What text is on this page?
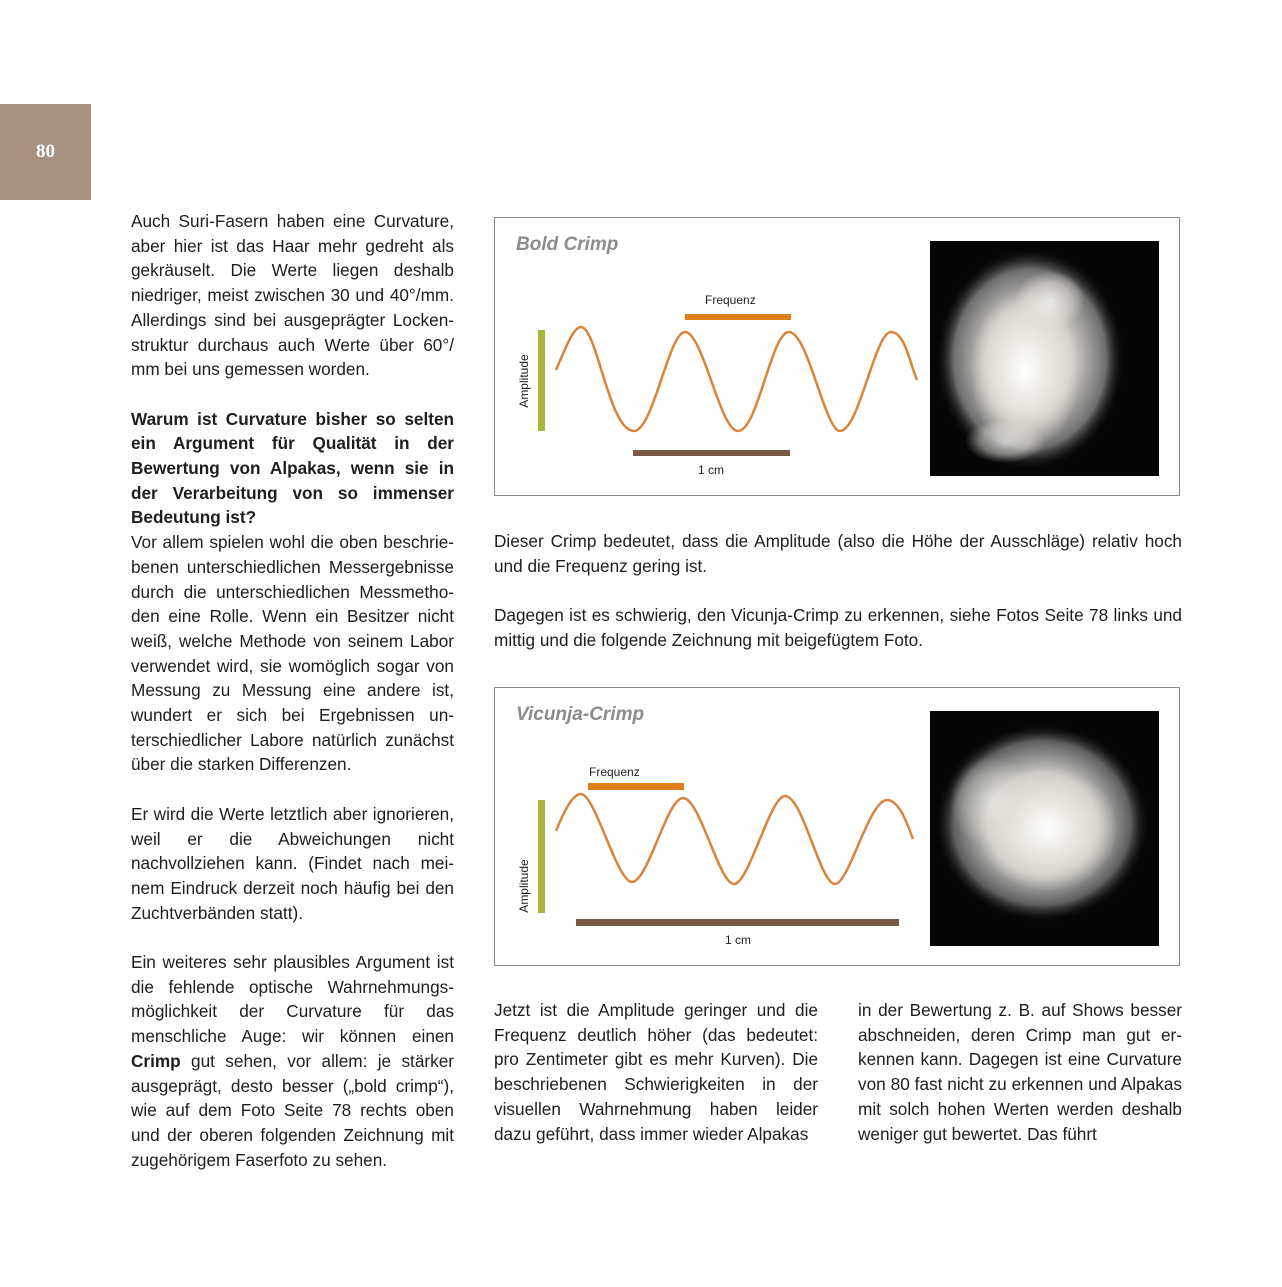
80

Auch Suri-Fasern haben eine Curvature, aber hier ist das Haar mehr gedreht als gekräuselt. Die Werte liegen deshalb niedriger, meist zwischen 30 und 40°/mm. Allerdings sind bei ausgeprägter Lockenstruktur durchaus auch Werte über 60°/ mm bei uns gemessen worden.

Warum ist Curvature bisher so selten ein Argument für Qualität in der Bewertung von Alpakas, wenn sie in der Verarbeitung von so immenser Bedeutung ist?

Vor allem spielen wohl die oben beschriebenen unterschiedlichen Messergebnisse durch die unterschiedlichen Messmethoden eine Rolle. Wenn ein Besitzer nicht weiß, welche Methode von seinem Labor verwendet wird, sie womöglich sogar von Messung zu Messung eine andere ist, wundert er sich bei Ergebnissen unterschiedlicher Labore natürlich zunächst über die starken Differenzen.

Er wird die Werte letztlich aber ignorieren, weil er die Abweichungen nicht nachvollziehen kann. (Findet nach meinem Eindruck derzeit noch häufig bei den Zuchtverbänden statt).

Ein weiteres sehr plausibles Argument ist die fehlende optische Wahrnehmungsmöglichkeit der Curvature für das menschliche Auge: wir können einen Crimp gut sehen, vor allem: je stärker ausgeprägt, desto besser („bold crimp“), wie auf dem Foto Seite 78 rechts oben und der oberen folgenden Zeichnung mit zugehörigem Faserfoto zu sehen.

Amplitude
Frequenz
1 cm
Bold Crimp

Dieser Crimp bedeutet, dass die Amplitude (also die Höhe der Ausschläge) relativ hoch und die Frequenz gering ist.

Dagegen ist es schwierig, den Vicunja-Crimp zu erkennen, siehe Fotos Seite 78 links und mittig und die folgende Zeichnung mit beigefügtem Foto.

Amplitude
Frequenz
1 cm
Vicunja-Crimp

Jetzt ist die Amplitude geringer und die Frequenz deutlich höher (das bedeutet: pro Zentimeter gibt es mehr Kurven). Die beschriebenen Schwierigkeiten in der visuellen Wahrnehmung haben leider dazu geführt, dass immer wieder Alpakas

in der Bewertung z. B. auf Shows besser abschneiden, deren Crimp man gut erkennen kann. Dagegen ist eine Curvature von 80 fast nicht zu erkennen und Alpakas mit solch hohen Werten werden deshalb weniger gut bewertet. Das führt
